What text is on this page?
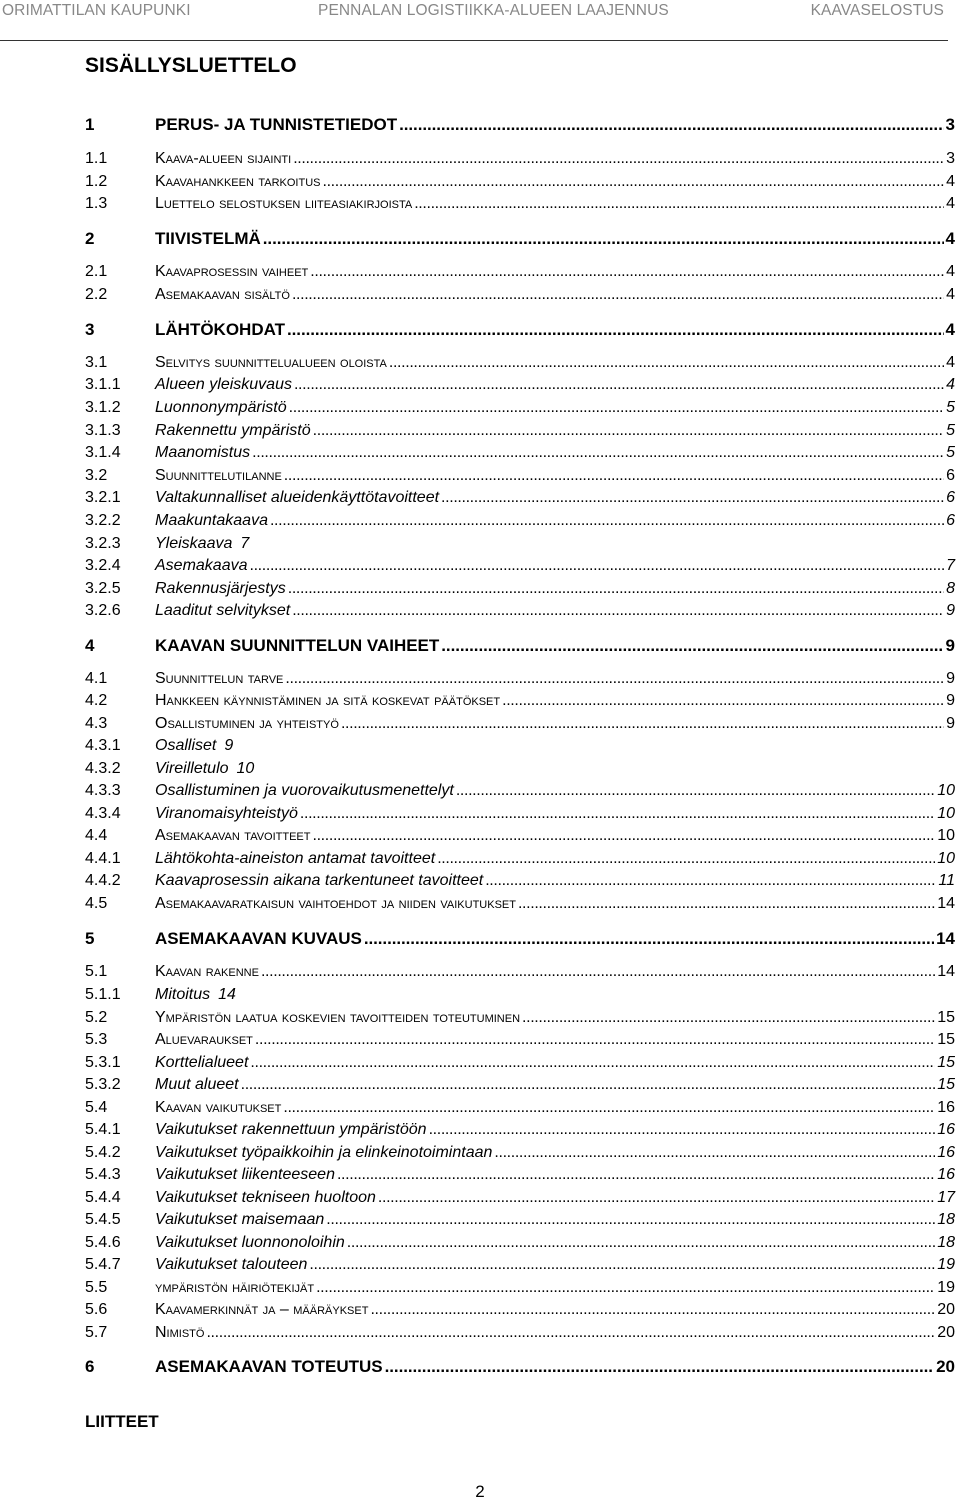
ORIMATTILAN KAUPUNKI	PENNALAN LOGISTIIKKA-ALUEEN LAAJENNUS	KAAVASELOSTUS
SISÄLLYSLUETTELO
1	PERUS- JA TUNNISTETIEDOT . . .	3
1.1	Kaava-alueen sijainti . . .	3
1.2	Kaavahankkeen tarkoitus . . .	4
1.3	Luettelo selostuksen liiteasiakirjoista . . .	4
2	TIIVISTELMÄ . . .	4
2.1	Kaavaprosessin vaiheet . . .	4
2.2	Asemakaavan sisältö . . .	4
3	LÄHTÖKOHDAT . . .	4
3.1	Selvitys suunnittelualueen oloista . . .	4
3.1.1	Alueen yleiskuvaus . . .	4
3.1.2	Luonnonympäristö . . .	5
3.1.3	Rakennettu ympäristö . . .	5
3.1.4	Maanomistus . . .	5
3.2	Suunnittelutilanne . . .	6
3.2.1	Valtakunnalliset alueidenkäyttötavoitteet . . .	6
3.2.2	Maakuntakaava . . .	6
3.2.3	Yleiskaava 7
3.2.4	Asemakaava . . .	7
3.2.5	Rakennusjärjestys . . .	8
3.2.6	Laaditut selvitykset . . .	9
4	KAAVAN SUUNNITTELUN VAIHEET . . .	9
4.1	Suunnittelun tarve . . .	9
4.2	Hankkeen käynnistäminen ja sitä koskevat päätökset . . .	9
4.3	Osallistuminen ja yhteistyö . . .	9
4.3.1	Osalliset 9
4.3.2	Vireilletulo 10
4.3.3	Osallistuminen ja vuorovaikutusmenettelyt . . .	10
4.3.4	Viranomaisyhteistyö . . .	10
4.4	Asemakaavan tavoitteet . . .	10
4.4.1	Lähtökohta-aineiston antamat tavoitteet . . .	10
4.4.2	Kaavaprosessin aikana tarkentuneet tavoitteet . . .	11
4.5	Asemakaavaratkaisun vaihtoehdot ja niiden vaikutukset . . .	14
5	ASEMAKAAVAN KUVAUS . . .	14
5.1	Kaavan rakenne . . .	14
5.1.1	Mitoitus 14
5.2	Ympäristön laatua koskevien tavoitteiden toteutuminen . . .	15
5.3	Aluevaraukset . . .	15
5.3.1	Korttelialueet . . .	15
5.3.2	Muut alueet . . .	15
5.4	Kaavan vaikutukset . . .	16
5.4.1	Vaikutukset rakennettuun ympäristöön . . .	16
5.4.2	Vaikutukset työpaikkoihin ja elinkeinotoimintaan . . .	16
5.4.3	Vaikutukset liikenteeseen . . .	16
5.4.4	Vaikutukset tekniseen huoltoon . . .	17
5.4.5	Vaikutukset maisemaan . . .	18
5.4.6	Vaikutukset luonnonoloihin . . .	18
5.4.7	Vaikutukset talouteen . . .	19
5.5	ympäristön häiriötekijät . . .	19
5.6	Kaavamerkinnät ja – määräykset . . .	20
5.7	Nimistö . . .	20
6	ASEMAKAAVAN TOTEUTUS . . .	20
LIITTEET
2
